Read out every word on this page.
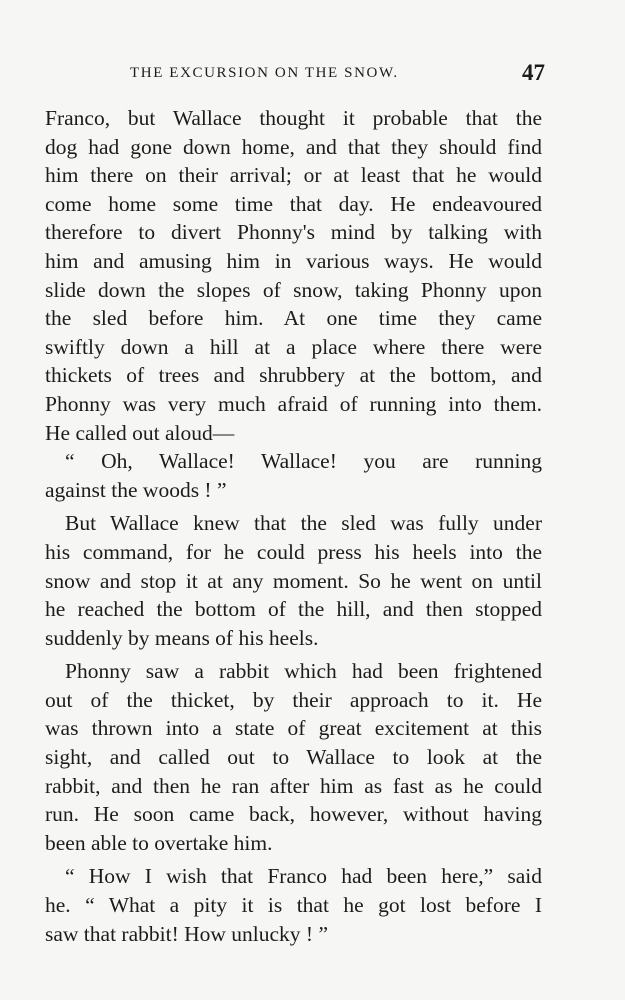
THE EXCURSION ON THE SNOW.	47
Franco, but Wallace thought it probable that the
dog had gone down home, and that they should find
him there on their arrival; or at least that he would
come home some time that day. He endeavoured
therefore to divert Phonny's mind by talking with
him and amusing him in various ways. He would
slide down the slopes of snow, taking Phonny upon
the sled before him. At one time they came
swiftly down a hill at a place where there were
thickets of trees and shrubbery at the bottom, and
Phonny was very much afraid of running into them.
He called out aloud—
“ Oh, Wallace! Wallace! you are running
against the woods ! ”
But Wallace knew that the sled was fully under
his command, for he could press his heels into the
snow and stop it at any moment. So he went on until
he reached the bottom of the hill, and then stopped
suddenly by means of his heels.
Phonny saw a rabbit which had been frightened
out of the thicket, by their approach to it. He
was thrown into a state of great excitement at this
sight, and called out to Wallace to look at the
rabbit, and then he ran after him as fast as he could
run. He soon came back, however, without having
been able to overtake him.
“ How I wish that Franco had been here,” said
he. “ What a pity it is that he got lost before I
saw that rabbit! How unlucky ! ”
